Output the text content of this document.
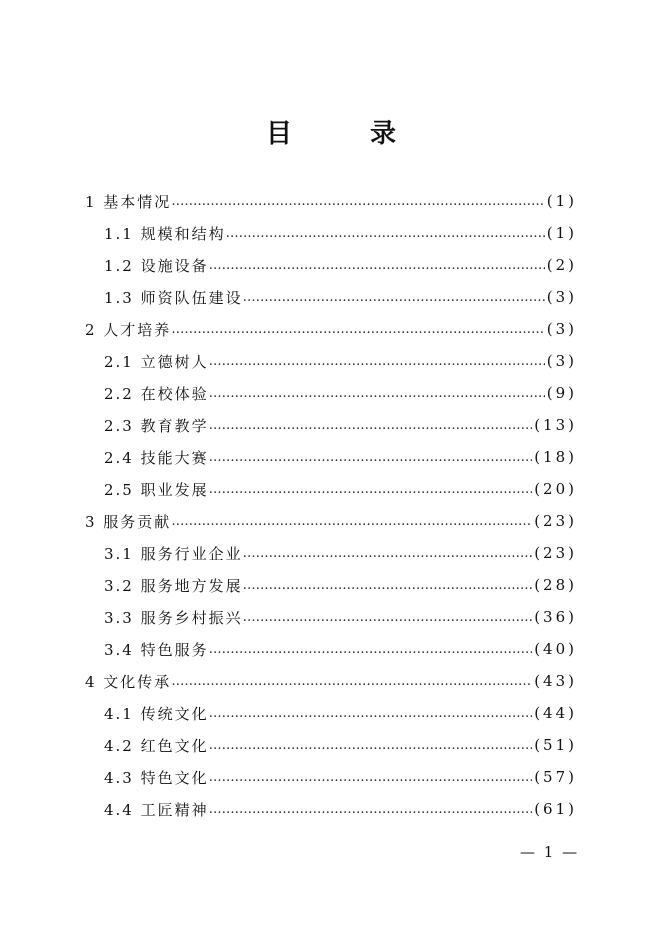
目　录
1 基本情况 …………………………………………………………………………………………………………………………………………………………	(1)
1.1 规模和结构 …………………………………………………………………………………………………………………………………………………………	(1)
1.2 设施设备 …………………………………………………………………………………………………………………………………………………………	(2)
1.3 师资队伍建设 …………………………………………………………………………………………………………………………………………………………	(3)
2 人才培养 …………………………………………………………………………………………………………………………………………………………	(3)
2.1 立德树人 …………………………………………………………………………………………………………………………………………………………	(3)
2.2 在校体验 …………………………………………………………………………………………………………………………………………………………	(9)
2.3 教育教学 …………………………………………………………………………………………………………………………………………………………	(13)
2.4 技能大赛 …………………………………………………………………………………………………………………………………………………………	(18)
2.5 职业发展 …………………………………………………………………………………………………………………………………………………………	(20)
3 服务贡献 …………………………………………………………………………………………………………………………………………………………	(23)
3.1 服务行业企业 …………………………………………………………………………………………………………………………………………………………	(23)
3.2 服务地方发展 …………………………………………………………………………………………………………………………………………………………	(28)
3.3 服务乡村振兴 …………………………………………………………………………………………………………………………………………………………	(36)
3.4 特色服务 …………………………………………………………………………………………………………………………………………………………	(40)
4 文化传承 …………………………………………………………………………………………………………………………………………………………	(43)
4.1 传统文化 …………………………………………………………………………………………………………………………………………………………	(44)
4.2 红色文化 …………………………………………………………………………………………………………………………………………………………	(51)
4.3 特色文化 …………………………………………………………………………………………………………………………………………………………	(57)
4.4 工匠精神 …………………………………………………………………………………………………………………………………………………………	(61)
— 1 —
